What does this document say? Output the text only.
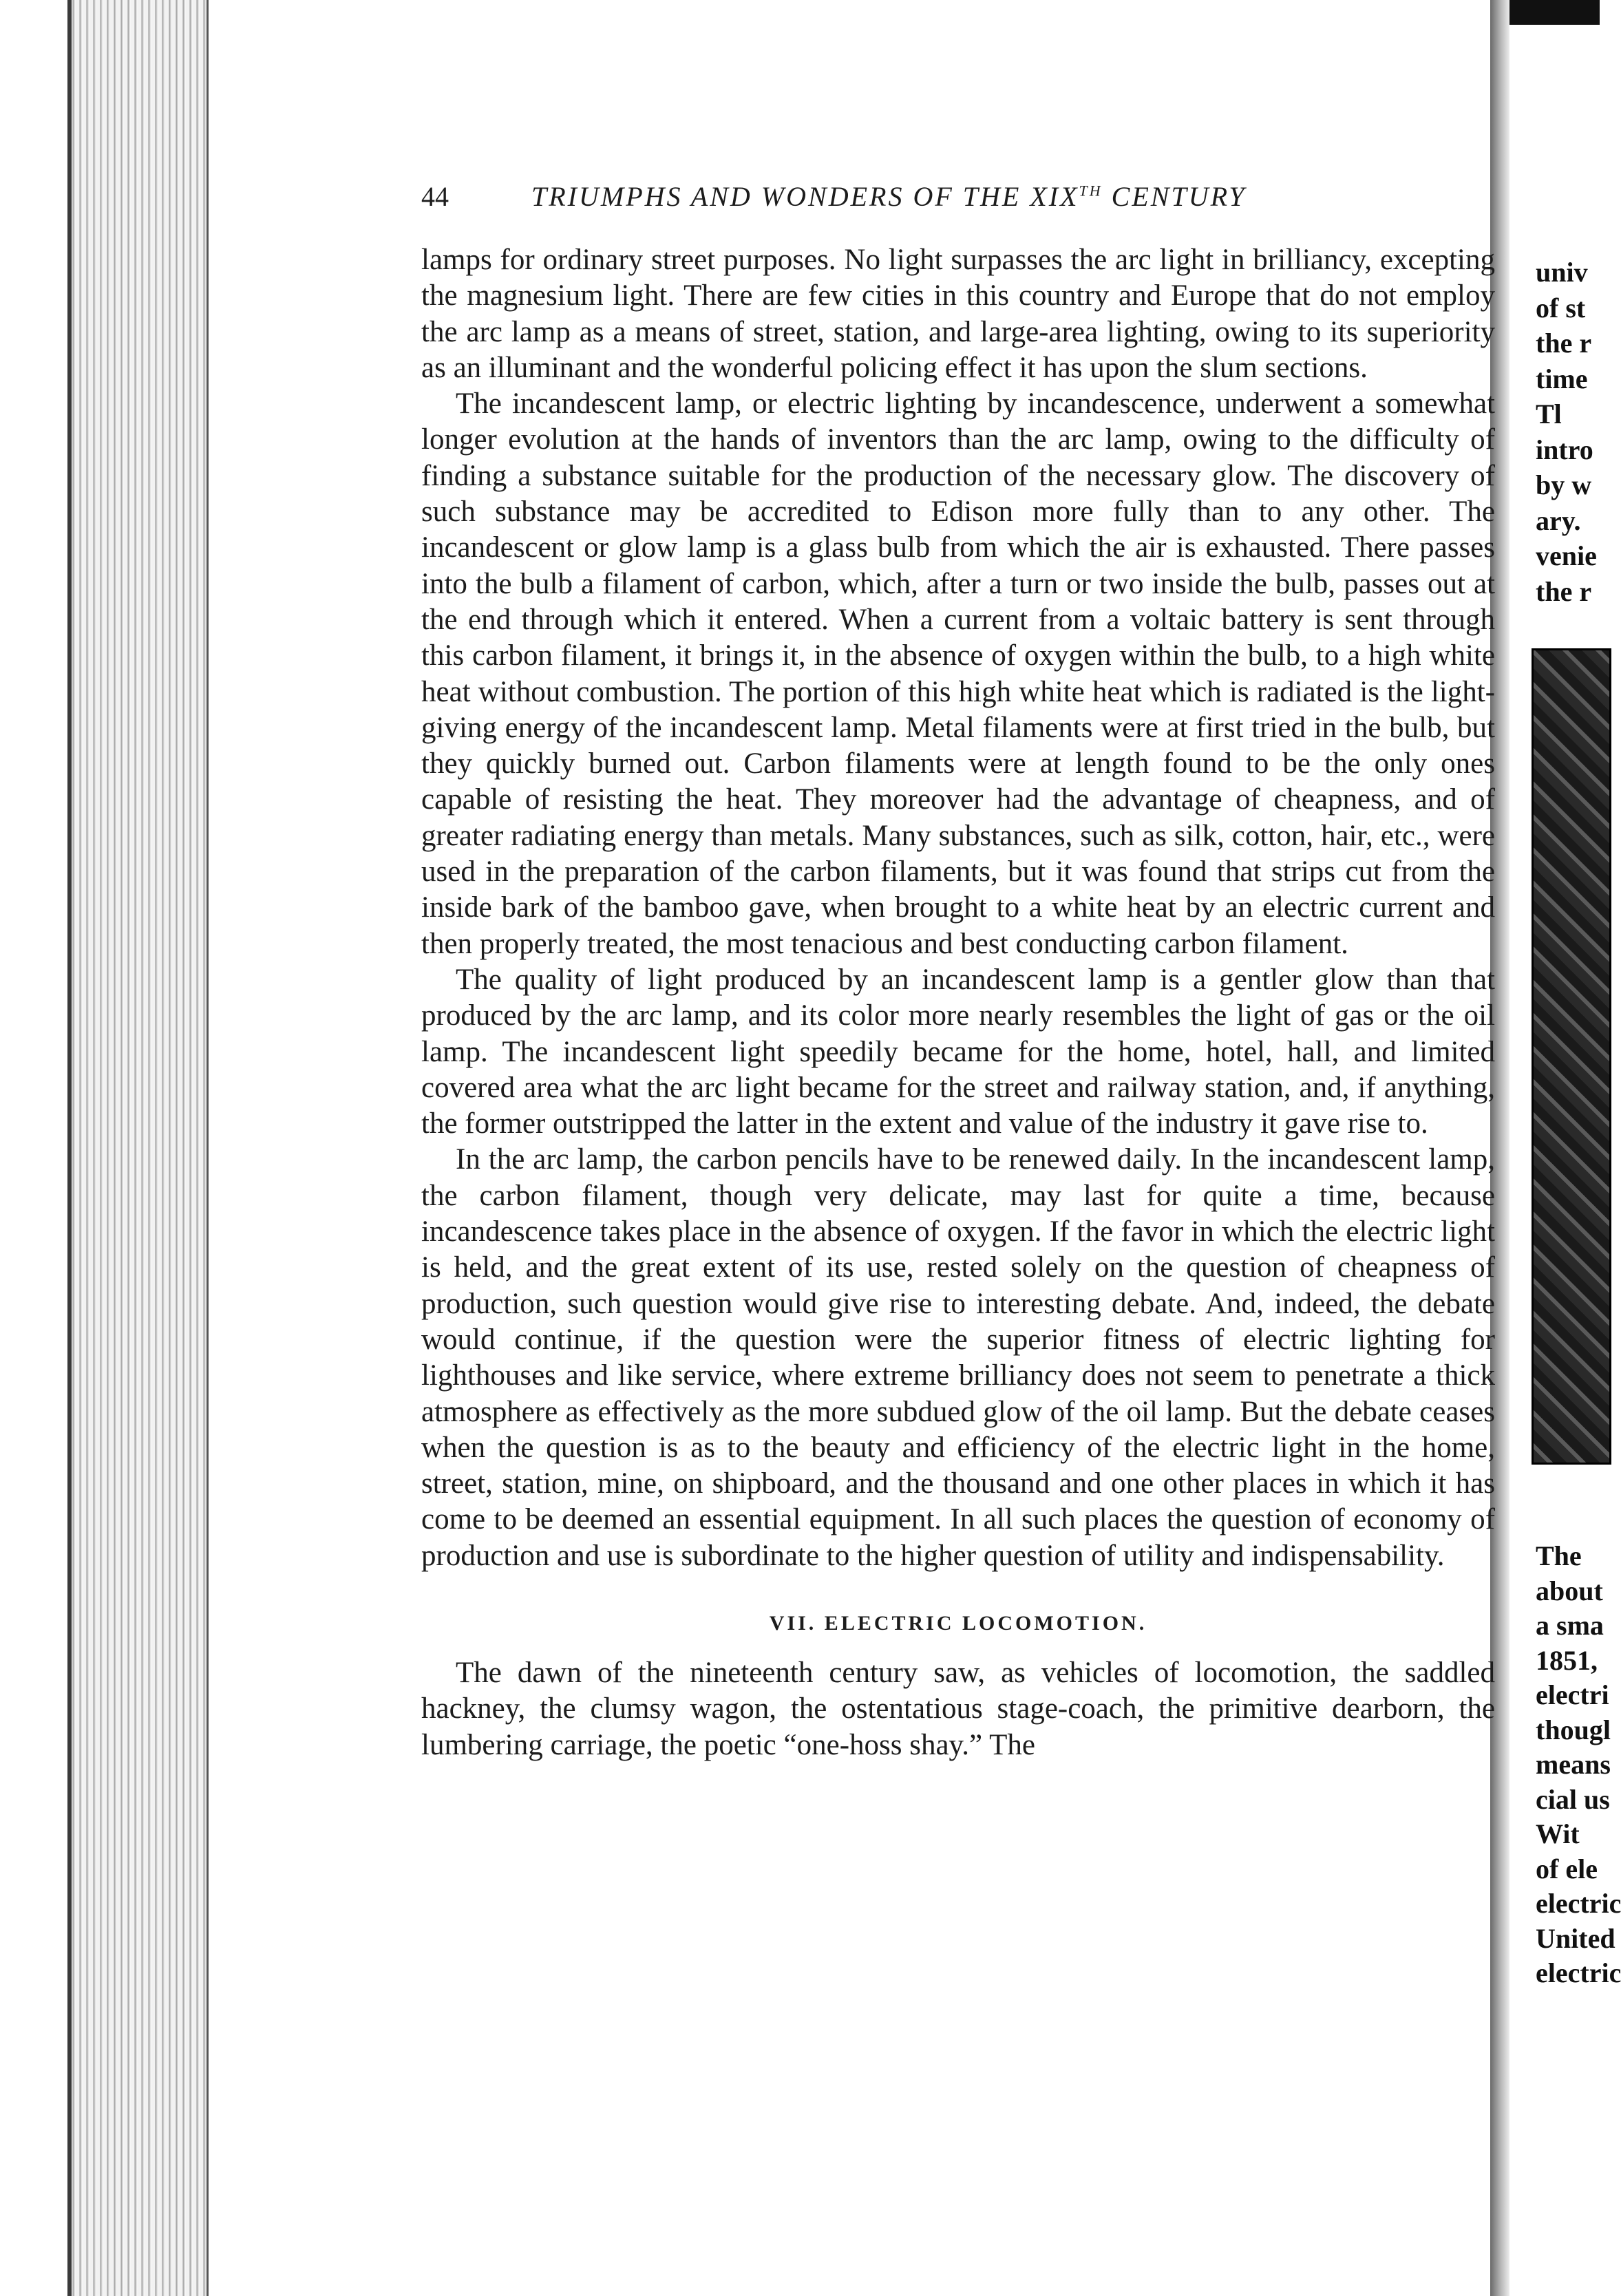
univ

of st

the r

time

Tl

intro

by w

ary.

venie

the r

The

about

a sma

1851,

electri

thougl

means

cial us

Wit

of ele

electric

United

electric

44	TRIUMPHS AND WONDERS OF THE XIXTH CENTURY

lamps for ordinary street purposes. No light surpasses the arc light in brilliancy, excepting the magnesium light. There are few cities in this country and Europe that do not employ the arc lamp as a means of street, station, and large-area lighting, owing to its superiority as an illuminant and the wonderful policing effect it has upon the slum sections.

The incandescent lamp, or electric lighting by incandescence, underwent a somewhat longer evolution at the hands of inventors than the arc lamp, owing to the difficulty of finding a substance suitable for the production of the necessary glow. The discovery of such substance may be accredited to Edison more fully than to any other. The incandescent or glow lamp is a glass bulb from which the air is exhausted. There passes into the bulb a filament of carbon, which, after a turn or two inside the bulb, passes out at the end through which it entered. When a current from a voltaic battery is sent through this carbon filament, it brings it, in the absence of oxygen within the bulb, to a high white heat without combustion. The portion of this high white heat which is radiated is the light-giving energy of the incandescent lamp. Metal filaments were at first tried in the bulb, but they quickly burned out. Carbon filaments were at length found to be the only ones capable of resisting the heat. They moreover had the advantage of cheapness, and of greater radiating energy than metals. Many substances, such as silk, cotton, hair, etc., were used in the preparation of the carbon filaments, but it was found that strips cut from the inside bark of the bamboo gave, when brought to a white heat by an electric current and then properly treated, the most tenacious and best conducting carbon filament.

The quality of light produced by an incandescent lamp is a gentler glow than that produced by the arc lamp, and its color more nearly resembles the light of gas or the oil lamp. The incandescent light speedily became for the home, hotel, hall, and limited covered area what the arc light became for the street and railway station, and, if anything, the former outstripped the latter in the extent and value of the industry it gave rise to.

In the arc lamp, the carbon pencils have to be renewed daily. In the incandescent lamp, the carbon filament, though very delicate, may last for quite a time, because incandescence takes place in the absence of oxygen. If the favor in which the electric light is held, and the great extent of its use, rested solely on the question of cheapness of production, such question would give rise to interesting debate. And, indeed, the debate would continue, if the question were the superior fitness of electric lighting for lighthouses and like service, where extreme brilliancy does not seem to penetrate a thick atmosphere as effectively as the more subdued glow of the oil lamp. But the debate ceases when the question is as to the beauty and efficiency of the electric light in the home, street, station, mine, on shipboard, and the thousand and one other places in which it has come to be deemed an essential equipment. In all such places the question of economy of production and use is subordinate to the higher question of utility and indispensability.

VII. ELECTRIC LOCOMOTION.

The dawn of the nineteenth century saw, as vehicles of locomotion, the saddled hackney, the clumsy wagon, the ostentatious stage-coach, the primitive dearborn, the lumbering carriage, the poetic “one-hoss shay.” The
